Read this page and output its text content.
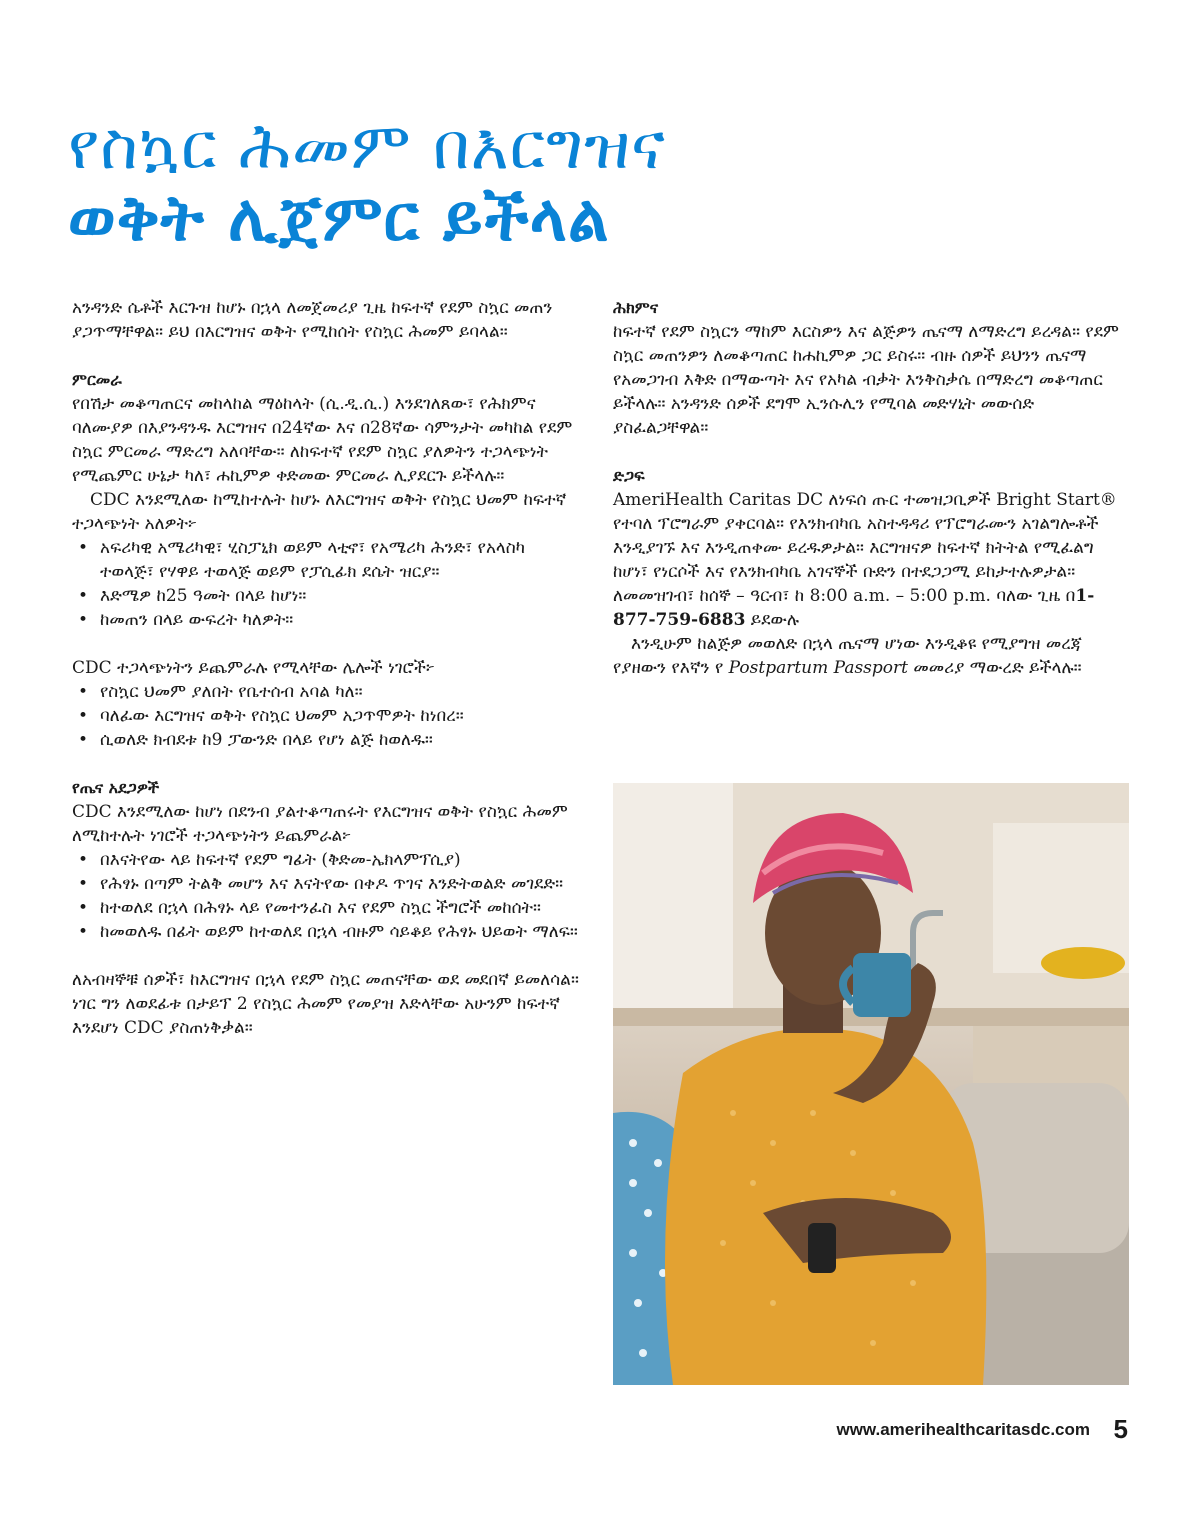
የስኳር ሕመም በእርግዝና
ወቅት ሊጀምር ይችላል

አንዳንድ ሴቶች እርጉዝ ከሆኑ በኋላ ለመጀመሪያ ጊዜ ከፍተኛ የደም ስኳር መጠን ያጋጥማቸዋል። ይህ በእርግዝና ወቅት የሚከሰት የስኳር ሕመም ይባላል።

ምርመራ

የበሽታ መቆጣጠርና መከላከል ማዕከላት (ሲ.ዲ.ሲ.) እንደገለጸው፣ የሕክምና ባለሙያዎ በእያንዳንዱ እርግዝና በ24ኛው እና በ28ኛው ሳምንታት መካከል የደም ስኳር ምርመራ ማድረግ አለባቸው። ለከፍተኛ የደም ስኳር ያለዎትን ተጋላጭነት የሚጨምር ሁኔታ ካለ፣ ሐኪምዎ ቀድመው ምርመራ ሊያደርጉ ይችላሉ።

CDC እንደሚለው ከሚከተሉት ከሆኑ ለእርግዝና ወቅት የስኳር ህመም ከፍተኛ ተጋላጭነት አለዎት፦

• አፍሪካዊ አሜሪካዊ፣ ሂስፓኒክ ወይም ላቲኖ፣ የአሜሪካ ሕንድ፣ የአላስካ ተወላጅ፣ የሃዋይ ተወላጅ ወይም የፓሲፊክ ደሴት ዝርያ።
• እድሜዎ ከ25 ዓመት በላይ ከሆነ።
• ከመጠን በላይ ውፍረት ካለዎት።

CDC ተጋላጭነትን ይጨምራሉ የሚላቸው ሌሎች ነገሮች፦

• የስኳር ህመም ያለበት የቤተሰብ አባል ካለ።
• ባለፈው እርግዝና ወቅት የስኳር ህመም አጋጥሞዎት ከነበረ።
• ሲወለድ ክብደቱ ከ9 ፓውንድ በላይ የሆነ ልጅ ከወለዱ።

የጤና አደጋዎች

CDC እንደሚለው ከሆነ በደንብ ያልተቆጣጠሩት የእርግዝና ወቅት የስኳር ሕመም ለሚከተሉት ነገሮች ተጋላጭነትን ይጨምራል፦

• በእናትየው ላይ ከፍተኛ የደም ግፊት (ቅድመ-ኤክላምፕሲያ)
• የሕፃኑ በጣም ትልቅ መሆን እና እናትየው በቀዶ ጥገና እንድትወልድ መገደድ።
• ከተወለደ በኋላ በሕፃኑ ላይ የመተንፈስ እና የደም ስኳር ችግሮች መከሰት።
• ከመወለዱ በፊት ወይም ከተወለደ በኋላ ብዙም ሳይቆይ የሕፃኑ ህይወት ማለፍ።

ለአብዛኞቹ ሰዎች፣ ከእርግዝና በኋላ የደም ስኳር መጠናቸው ወደ መደበኛ ይመለሳል። ነገር ግን ለወደፊቱ በታይፕ 2 የስኳር ሕመም የመያዝ እድላቸው አሁንም ከፍተኛ እንደሆነ CDC ያስጠነቅቃል።

ሕክምና

ከፍተኛ የደም ስኳርን ማከም እርስዎን እና ልጅዎን ጤናማ ለማድረግ ይረዳል። የደም ስኳር መጠንዎን ለመቆጣጠር ከሐኪምዎ ጋር ይስሩ። ብዙ ሰዎች ይህንን ጤናማ የአመጋገብ እቅድ በማውጣት እና የአካል ብቃት እንቅስቃሴ በማድረግ መቆጣጠር ይችላሉ። አንዳንድ ሰዎች ደግሞ ኢንሱሊን የሚባል መድሃኒት መውሰድ ያስፈልጋቸዋል።

ድጋፍ

AmeriHealth Caritas DC ለነፍሰ ጡር ተመዝጋቢዎች Bright Start® የተባለ ፕሮግራም ያቀርባል። የእንክብካቤ አስተዳዳሪ የፕሮግራሙን አገልግሎቶች እንዲያገኙ እና እንዲጠቀሙ ይረዱዎታል። እርግዝናዎ ከፍተኛ ክትትል የሚፈልግ ከሆነ፣ የነርሶች እና የእንክብካቤ አገናኞች ቡድን በተደጋጋሚ ይከታተሉዎታል። ለመመዝገብ፣ ከሰኞ – ዓርብ፣ ከ 8:00 a.m. – 5:00 p.m. ባለው ጊዜ በ1-877-759-6883 ይደውሉ

እንዲሁም ከልጅዎ መወለድ በኋላ ጤናማ ሆነው እንዲቆዩ የሚያግዝ መረጃ የያዘውን የእኛን የ Postpartum Passport መመሪያ ማውረድ ይችላሉ።

www.amerihealthcaritasdc.com 5
